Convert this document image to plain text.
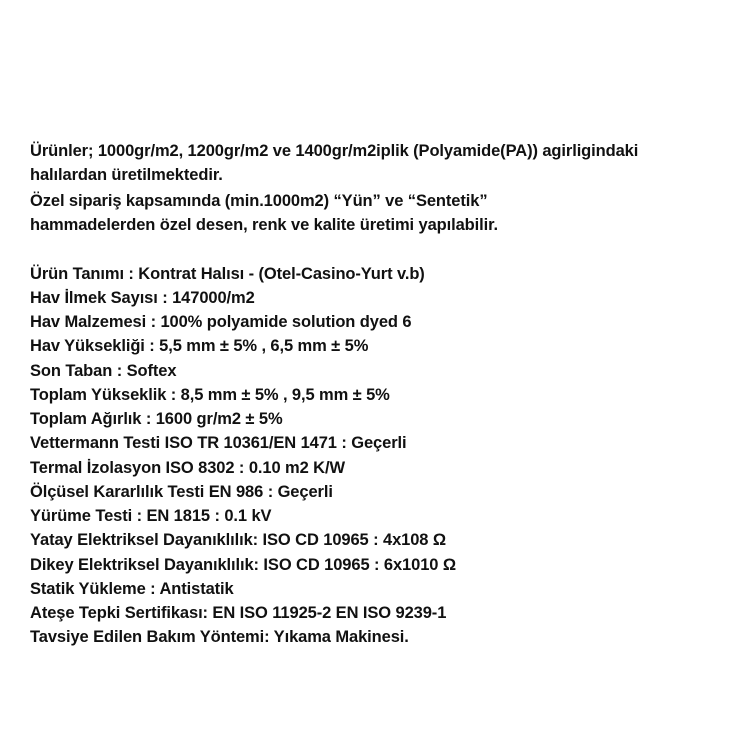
Ürünler; 1000gr/m2, 1200gr/m2 ve 1400gr/m2iplik (Polyamide(PA)) agirligindaki

halılardan üretilmektedir.

Özel sipariş kapsamında (min.1000m2) “Yün” ve “Sentetik”

hammadelerden özel desen, renk ve kalite üretimi yapılabilir.

Ürün Tanımı : Kontrat Halısı - (Otel-Casino-Yurt v.b)
Hav İlmek Sayısı : 147000/m2
Hav Malzemesi : 100% polyamide solution dyed 6
Hav Yüksekliği : 5,5 mm ± 5% , 6,5 mm ± 5%
Son Taban : Softex
Toplam Yükseklik : 8,5 mm ± 5% , 9,5 mm ± 5%
Toplam Ağırlık : 1600 gr/m2 ± 5%
Vettermann Testi ISO TR 10361/EN 1471 : Geçerli
Termal İzolasyon ISO 8302 : 0.10 m2 K/W
Ölçüsel Kararlılık Testi EN 986 : Geçerli
Yürüme Testi : EN 1815 : 0.1 kV
Yatay Elektriksel Dayanıklılık: ISO CD 10965 : 4x108 Ω
Dikey Elektriksel Dayanıklılık: ISO CD 10965 : 6x1010 Ω
Statik Yükleme : Antistatik
Ateşe Tepki Sertifikası: EN ISO 11925-2 EN ISO 9239-1
Tavsiye Edilen Bakım Yöntemi: Yıkama Makinesi.
